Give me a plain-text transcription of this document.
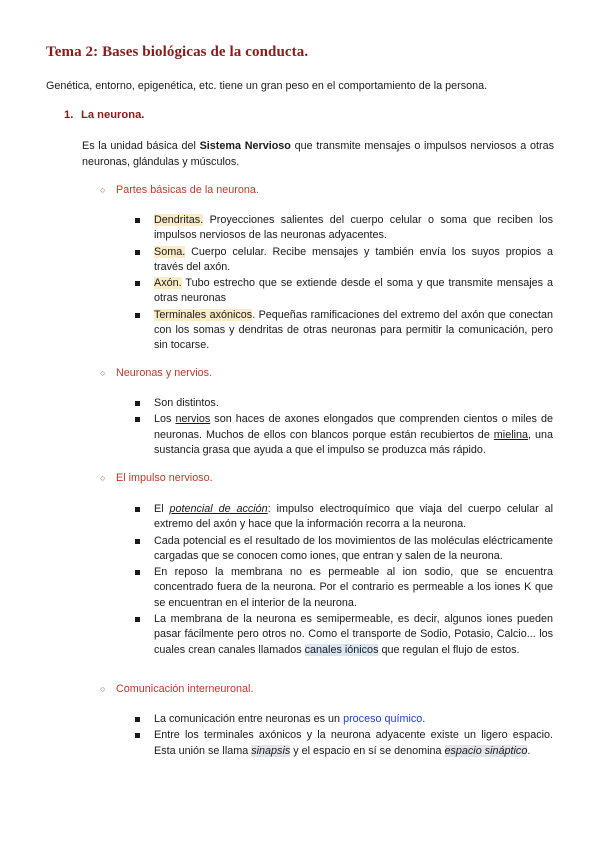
Tema 2: Bases biológicas de la conducta.
Genética, entorno, epigenética, etc. tiene un gran peso en el comportamiento de la persona.
1. La neurona.
Es la unidad básica del Sistema Nervioso que transmite mensajes o impulsos nerviosos a otras neuronas, glándulas y músculos.
○ Partes básicas de la neurona.
Dendritas. Proyecciones salientes del cuerpo celular o soma que reciben los impulsos nerviosos de las neuronas adyacentes.
Soma. Cuerpo celular. Recibe mensajes y también envía los suyos propios a través del axón.
Axón. Tubo estrecho que se extiende desde el soma y que transmite mensajes a otras neuronas
Terminales axónicos. Pequeñas ramificaciones del extremo del axón que conectan con los somas y dendritas de otras neuronas para permitir la comunicación, pero sin tocarse.
○ Neuronas y nervios.
Son distintos.
Los nervios son haces de axones elongados que comprenden cientos o miles de neuronas. Muchos de ellos con blancos porque están recubiertos de mielina, una sustancia grasa que ayuda a que el impulso se produzca más rápido.
○ El impulso nervioso.
El potencial de acción: impulso electroquímico que viaja del cuerpo celular al extremo del axón y hace que la información recorra a la neurona.
Cada potencial es el resultado de los movimientos de las moléculas eléctricamente cargadas que se conocen como iones, que entran y salen de la neurona.
En reposo la membrana no es permeable al ion sodio, que se encuentra concentrado fuera de la neurona. Por el contrario es permeable a los iones K que se encuentran en el interior de la neurona.
La membrana de la neurona es semipermeable, es decir, algunos iones pueden pasar fácilmente pero otros no. Como el transporte de Sodio, Potasio, Calcio... los cuales crean canales llamados canales iónicos que regulan el flujo de estos.
○ Comunicación interneuronal.
La comunicación entre neuronas es un proceso químico.
Entre los terminales axónicos y la neurona adyacente existe un ligero espacio. Esta unión se llama sinapsis y el espacio en sí se denomina espacio sináptico.
